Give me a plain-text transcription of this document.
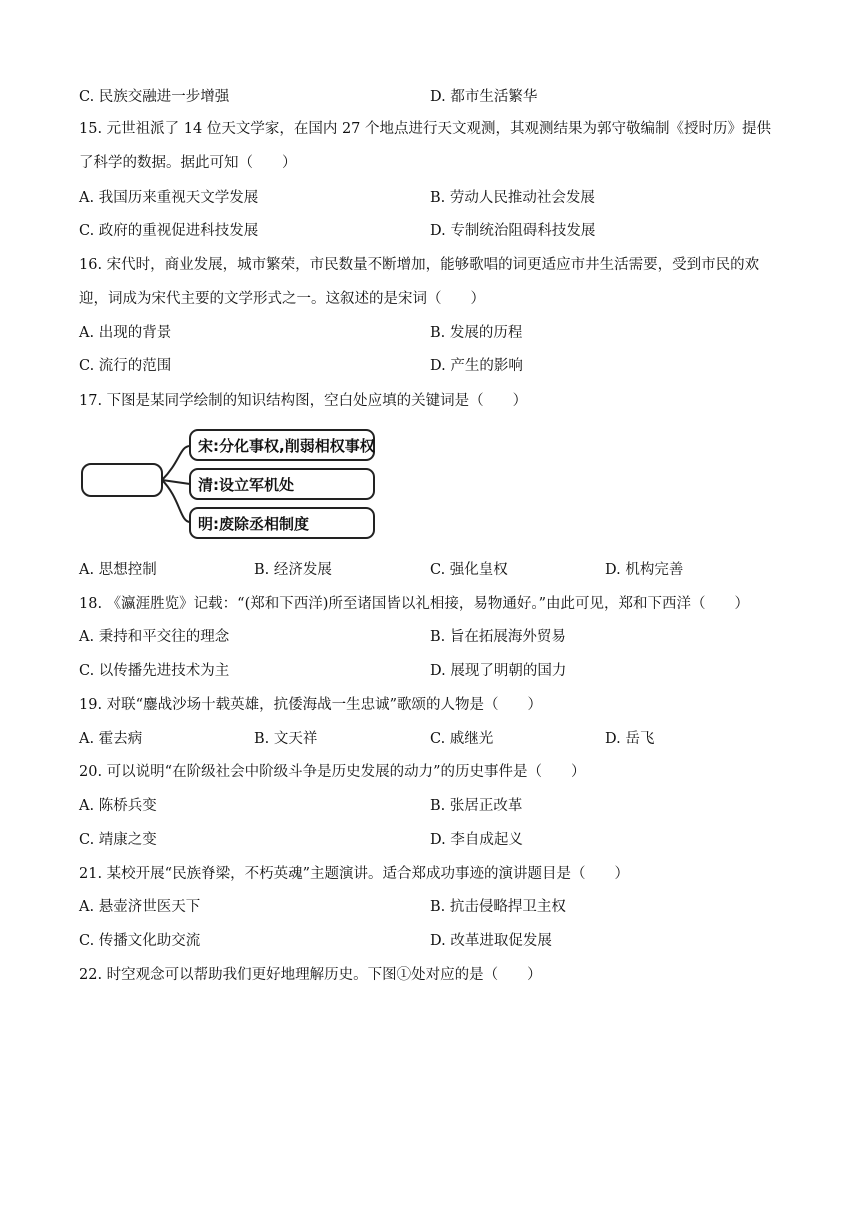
C. 民族交融进一步增强	D. 都市生活繁华
15. 元世祖派了 14 位天文学家，在国内 27 个地点进行天文观测，其观测结果为郭守敬编制《授时历》提供
了科学的数据。据此可知（　　）
A. 我国历来重视天文学发展	B. 劳动人民推动社会发展
C. 政府的重视促进科技发展	D. 专制统治阻碍科技发展
16. 宋代时，商业发展，城市繁荣，市民数量不断增加，能够歌唱的词更适应市井生活需要，受到市民的欢
迎，词成为宋代主要的文学形式之一。这叙述的是宋词（　　）
A. 出现的背景	B. 发展的历程
C. 流行的范围	D. 产生的影响
17. 下图是某同学绘制的知识结构图，空白处应填的关键词是（　　）
宋:分化事权,削弱相权事权
清:设立军机处
明:废除丞相制度
A. 思想控制	B. 经济发展	C. 强化皇权	D. 机构完善
18. 《瀛涯胜览》记载：“(郑和下西洋)所至诸国皆以礼相接，易物通好。”由此可见，郑和下西洋（　　）
A. 秉持和平交往的理念	B. 旨在拓展海外贸易
C. 以传播先进技术为主	D. 展现了明朝的国力
19. 对联“鏖战沙场十载英雄，抗倭海战一生忠诚”歌颂的人物是（　　）
A. 霍去病	B. 文天祥	C. 戚继光	D. 岳飞
20. 可以说明“在阶级社会中阶级斗争是历史发展的动力”的历史事件是（　　）
A. 陈桥兵变	B. 张居正改革
C. 靖康之变	D. 李自成起义
21. 某校开展“民族脊梁，不朽英魂”主题演讲。适合郑成功事迹的演讲题目是（　　）
A. 悬壶济世医天下	B. 抗击侵略捍卫主权
C. 传播文化助交流	D. 改革进取促发展
22. 时空观念可以帮助我们更好地理解历史。下图①处对应的是（　　）
